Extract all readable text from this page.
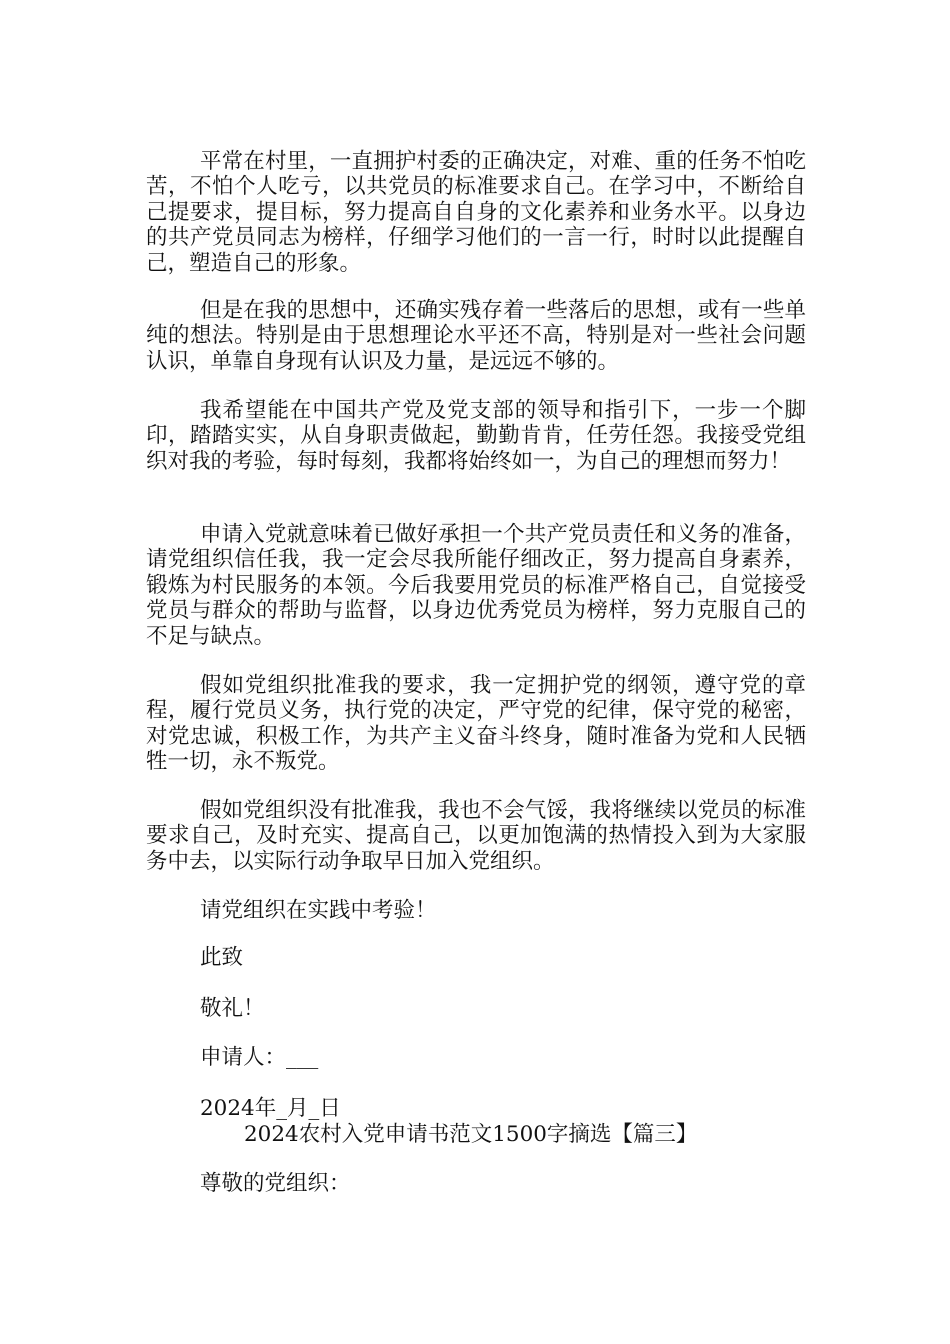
平常在村里，一直拥护村委的正确决定，对难、重的任务不怕吃苦，不怕个人吃亏，以共党员的标准要求自己。在学习中，不断给自己提要求，提目标，努力提高自自身的文化素养和业务水平。以身边的共产党员同志为榜样，仔细学习他们的一言一行，时时以此提醒自己，塑造自己的形象。

但是在我的思想中，还确实残存着一些落后的思想，或有一些单纯的想法。特别是由于思想理论水平还不高，特别是对一些社会问题认识，单靠自身现有认识及力量，是远远不够的。

我希望能在中国共产党及党支部的领导和指引下，一步一个脚印，踏踏实实，从自身职责做起，勤勤肯肯，任劳任怨。我接受党组织对我的考验，每时每刻，我都将始终如一，为自己的理想而努力！

申请入党就意味着已做好承担一个共产党员责任和义务的准备，请党组织信任我，我一定会尽我所能仔细改正，努力提高自身素养，锻炼为村民服务的本领。今后我要用党员的标准严格自己，自觉接受党员与群众的帮助与监督，以身边优秀党员为榜样，努力克服自己的不足与缺点。

假如党组织批准我的要求，我一定拥护党的纲领，遵守党的章程，履行党员义务，执行党的决定，严守党的纪律，保守党的秘密，对党忠诚，积极工作，为共产主义奋斗终身，随时准备为党和人民牺牲一切，永不叛党。

假如党组织没有批准我，我也不会气馁，我将继续以党员的标准要求自己，及时充实、提高自己，以更加饱满的热情投入到为大家服务中去，以实际行动争取早日加入党组织。

请党组织在实践中考验！

此致

敬礼！

申请人：___

2024年_月_日

2024农村入党申请书范文1500字摘选【篇三】

尊敬的党组织：
